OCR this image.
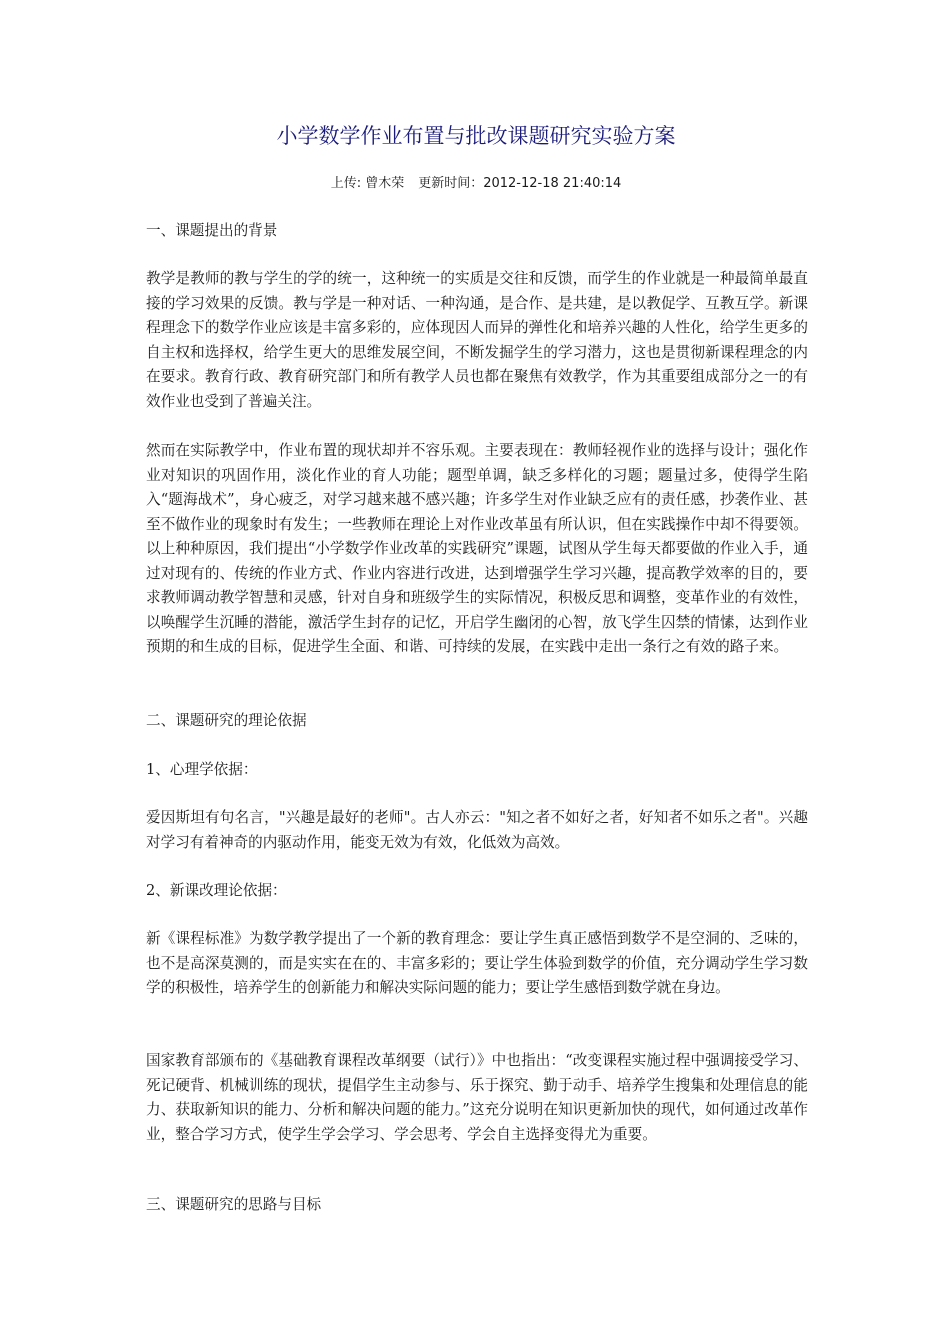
小学数学作业布置与批改课题研究实验方案
上传: 曾木荣 更新时间：2012-12-18 21:40:14
一、课题提出的背景

教学是教师的教与学生的学的统一，这种统一的实质是交往和反馈，而学生的作业就是一种最简单最直接的学习效果的反馈。教与学是一种对话、一种沟通，是合作、是共建，是以教促学、互教互学。新课程理念下的数学作业应该是丰富多彩的，应体现因人而异的弹性化和培养兴趣的人性化，给学生更多的自主权和选择权，给学生更大的思维发展空间，不断发掘学生的学习潜力，这也是贯彻新课程理念的内在要求。教育行政、教育研究部门和所有教学人员也都在聚焦有效教学，作为其重要组成部分之一的有效作业也受到了普遍关注。

然而在实际教学中，作业布置的现状却并不容乐观。主要表现在：教师轻视作业的选择与设计；强化作业对知识的巩固作用，淡化作业的育人功能；题型单调，缺乏多样化的习题；题量过多，使得学生陷入“题海战术”，身心疲乏，对学习越来越不感兴趣；许多学生对作业缺乏应有的责任感，抄袭作业、甚至不做作业的现象时有发生；一些教师在理论上对作业改革虽有所认识，但在实践操作中却不得要领。以上种种原因，我们提出“小学数学作业改革的实践研究”课题，试图从学生每天都要做的作业入手，通过对现有的、传统的作业方式、作业内容进行改进，达到增强学生学习兴趣，提高教学效率的目的，要求教师调动教学智慧和灵感，针对自身和班级学生的实际情况，积极反思和调整，变革作业的有效性，以唤醒学生沉睡的潜能，激活学生封存的记忆，开启学生幽闭的心智，放飞学生囚禁的情愫，达到作业预期的和生成的目标，促进学生全面、和谐、可持续的发展，在实践中走出一条行之有效的路子来。

二、课题研究的理论依据
1、心理学依据：

爱因斯坦有句名言，"兴趣是最好的老师"。古人亦云："知之者不如好之者，好知者不如乐之者"。兴趣对学习有着神奇的内驱动作用，能变无效为有效，化低效为高效。

2、新课改理论依据：

新《课程标准》为数学教学提出了一个新的教育理念：要让学生真正感悟到数学不是空洞的、乏味的，也不是高深莫测的，而是实实在在的、丰富多彩的；要让学生体验到数学的价值，充分调动学生学习数学的积极性，培养学生的创新能力和解决实际问题的能力；要让学生感悟到数学就在身边。

国家教育部颁布的《基础教育课程改革纲要（试行）》中也指出：“改变课程实施过程中强调接受学习、死记硬背、机械训练的现状，提倡学生主动参与、乐于探究、勤于动手、培养学生搜集和处理信息的能力、获取新知识的能力、分析和解决问题的能力。”这充分说明在知识更新加快的现代，如何通过改革作业，整合学习方式，使学生学会学习、学会思考、学会自主选择变得尤为重要。

三、课题研究的思路与目标
